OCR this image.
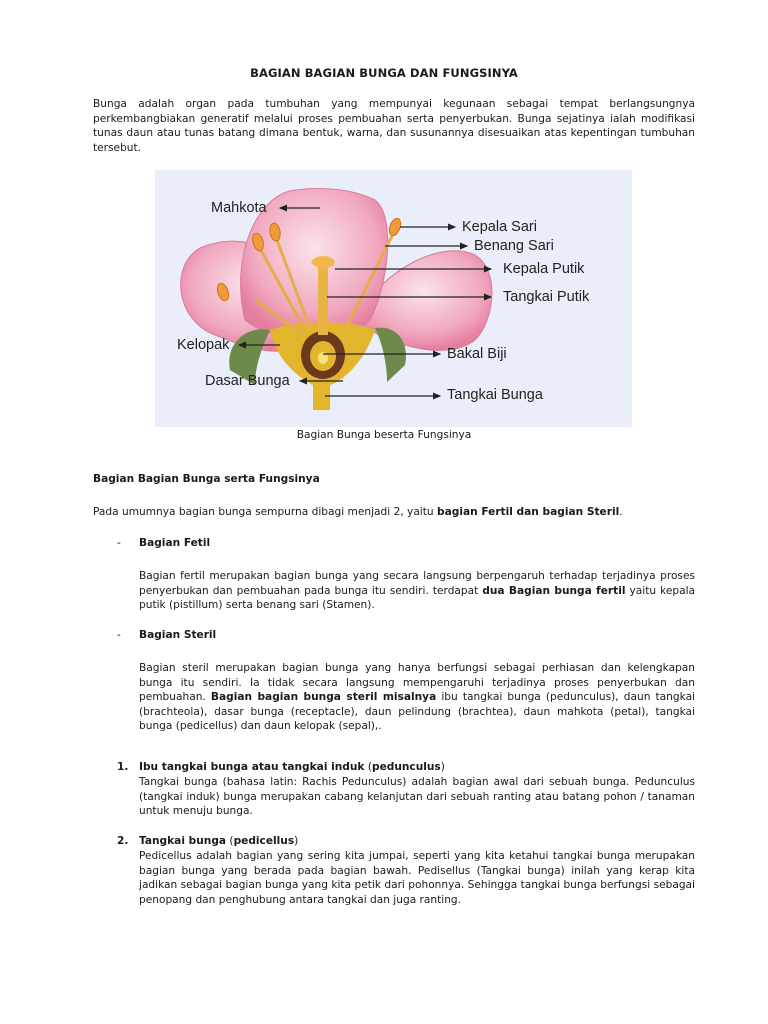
BAGIAN BAGIAN BUNGA DAN FUNGSINYA
Bunga adalah organ pada tumbuhan yang mempunyai kegunaan sebagai tempat berlangsungnya perkembangbiakan generatif melalui proses pembuahan serta penyerbukan. Bunga sejatinya ialah modifikasi tunas daun atau tunas batang dimana bentuk, warna, dan susunannya disesuaikan atas kepentingan tumbuhan tersebut.
Mahkota
Kepala Sari
Benang Sari
Kepala Putik
Tangkai Putik
Kelopak
Bakal Biji
Dasar Bunga
Tangkai Bunga
Bagian Bunga beserta Fungsinya
Bagian Bagian Bunga serta Fungsinya
Pada umumnya bagian bunga sempurna dibagi menjadi 2, yaitu bagian Fertil dan bagian Steril.
- Bagian Fetil
Bagian fertil merupakan bagian bunga yang secara langsung berpengaruh terhadap terjadinya proses penyerbukan dan pembuahan pada bunga itu sendiri. terdapat dua Bagian bunga fertil yaitu kepala putik (pistillum) serta benang sari (Stamen).
- Bagian Steril
Bagian steril merupakan bagian bunga yang hanya berfungsi sebagai perhiasan dan kelengkapan bunga itu sendiri. Ia tidak secara langsung mempengaruhi terjadinya proses penyerbukan dan pembuahan. Bagian bagian bunga steril misalnya ibu tangkai bunga (pedunculus), daun tangkai (brachteola), dasar bunga (receptacle), daun pelindung (brachtea), daun mahkota (petal), tangkai bunga (pedicellus) dan daun kelopak (sepal),.
1. Ibu tangkai bunga atau tangkai induk (pedunculus)
Tangkai bunga (bahasa latin: Rachis Pedunculus) adalah bagian awal dari sebuah bunga. Pedunculus (tangkai induk) bunga merupakan cabang kelanjutan dari sebuah ranting atau batang pohon / tanaman untuk menuju bunga.
2. Tangkai bunga (pedicellus)
Pedicellus adalah bagian yang sering kita jumpai, seperti yang kita ketahui tangkai bunga merupakan bagian bunga yang berada pada bagian bawah. Pedisellus (Tangkai bunga) inilah yang kerap kita jadikan sebagai bagian bunga yang kita petik dari pohonnya. Sehingga tangkai bunga berfungsi sebagai penopang dan penghubung antara tangkai dan juga ranting.
